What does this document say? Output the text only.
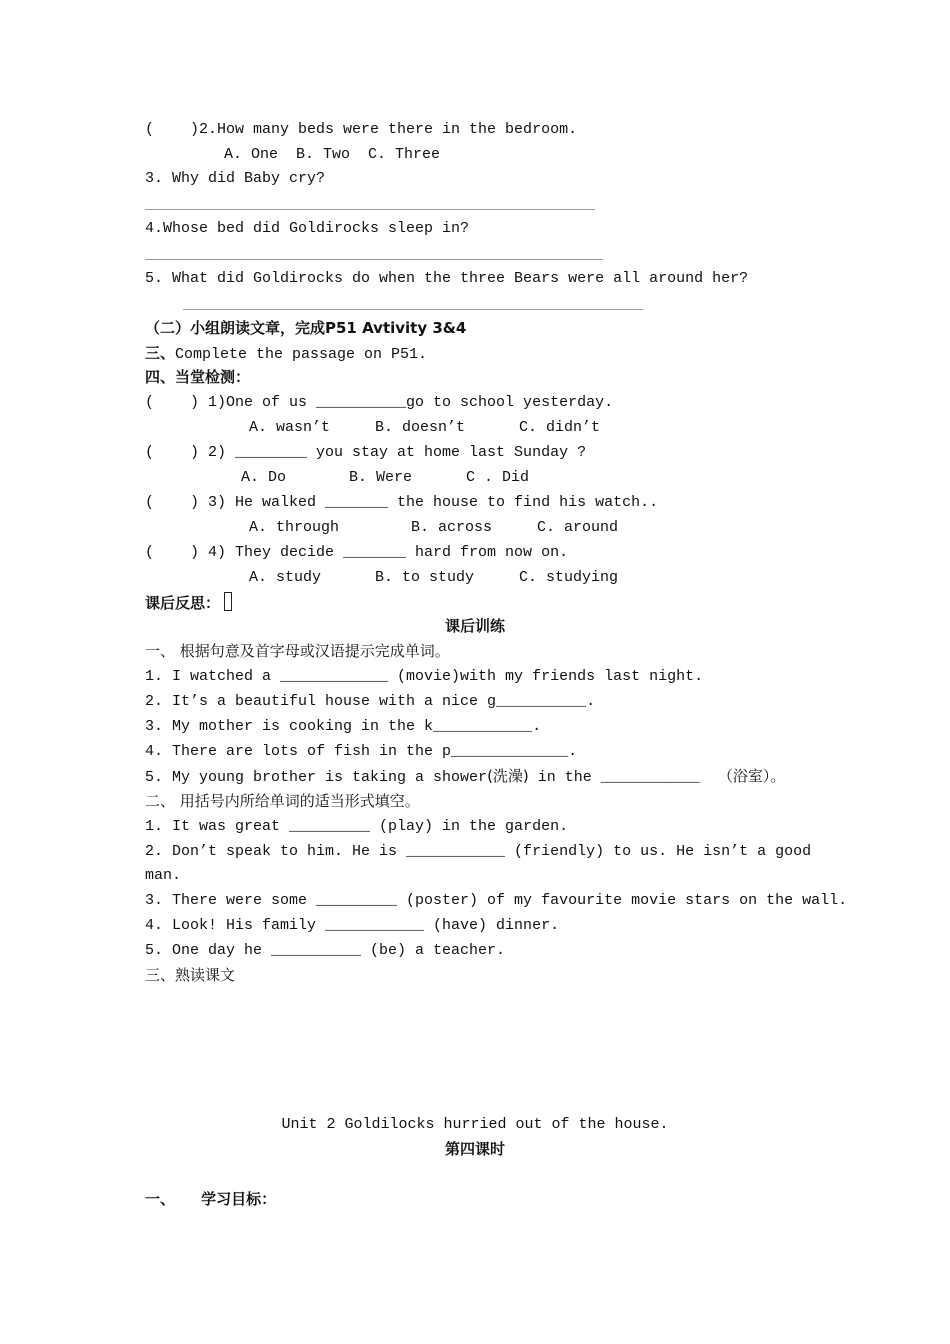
(    )2.How many beds were there in the bedroom.
A. One  B. Two  C. Three
3. Why did Baby cry?
4.Whose bed did Goldirocks sleep in?
5. What did Goldirocks do when the three Bears were all around her?
（二）小组朗读文章，完成P51 Avtivity 3&4
三、Complete the passage on P51.
四、当堂检测：
(    ) 1)One of us __________go to school yesterday.
A. wasn’t     B. doesn’t      C. didn’t
(    ) 2) ________ you stay at home last Sunday ?
A. Do       B. Were      C . Did
(    ) 3) He walked _______ the house to find his watch..
A. through        B. across     C. around
(    ) 4) They decide _______ hard from now on.
A. study      B. to study     C. studying
课后反思：
课后训练
一、 根据句意及首字母或汉语提示完成单词。
1. I watched a ____________ (movie)with my friends last night.
2. It’s a beautiful house with a nice g__________.
3. My mother is cooking in the k___________.
4. There are lots of fish in the p_____________.
5. My young brother is taking a shower(洗澡) in the ___________  （浴室）。
二、 用括号内所给单词的适当形式填空。
1. It was great _________ (play) in the garden.
2. Don’t speak to him. He is ___________ (friendly) to us. He isn’t a good
man.
3. There were some _________ (poster) of my favourite movie stars on the wall.
4. Look! His family ___________ (have) dinner.
5. One day he __________ (be) a teacher.
三、熟读课文
Unit 2 Goldilocks hurried out of the house.
第四课时
一、     学习目标：
